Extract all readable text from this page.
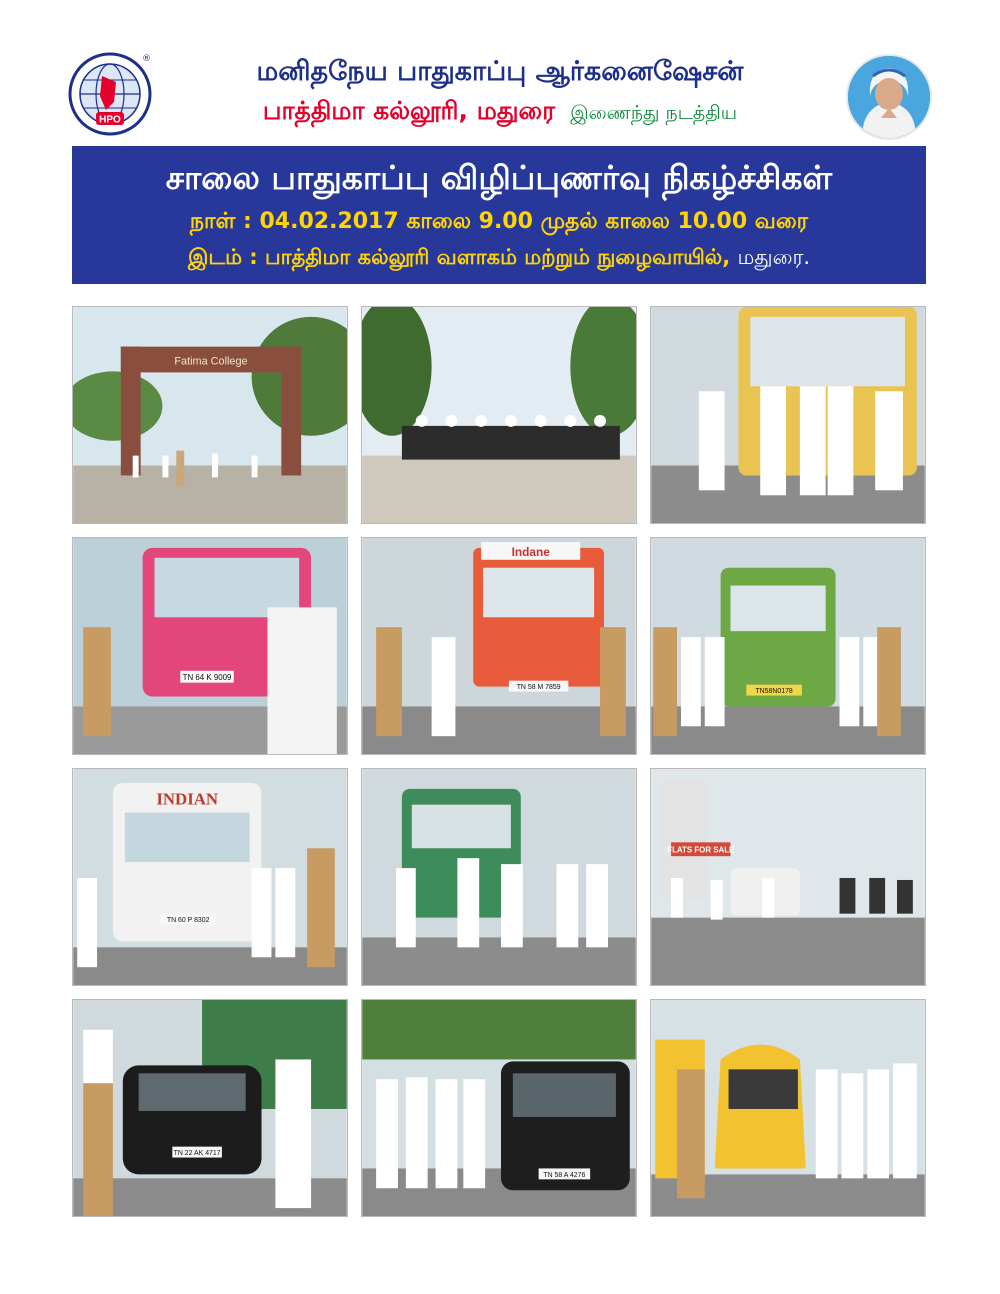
HPO
®	மனிதநேய பாதுகாப்பு ஆர்கனைஷேசன்
பாத்திமா கல்லூரி, மதுரை இணைந்து நடத்திய
சாலை பாதுகாப்பு விழிப்புணர்வு நிகழ்ச்சிகள்
நாள் : 04.02.2017 காலை 9.00 முதல் காலை 10.00 வரை
இடம் : பாத்திமா கல்லூரி வளாகம் மற்றும் நுழைவாயில், மதுரை.
Fatima College
TN 64 K 9009
Indane
TN 58 M 7859
TN58N0178
INDIAN
TN 60 P 8302
FLATS FOR SALE
TN 22 AK 4717
TN 58 A 4276
